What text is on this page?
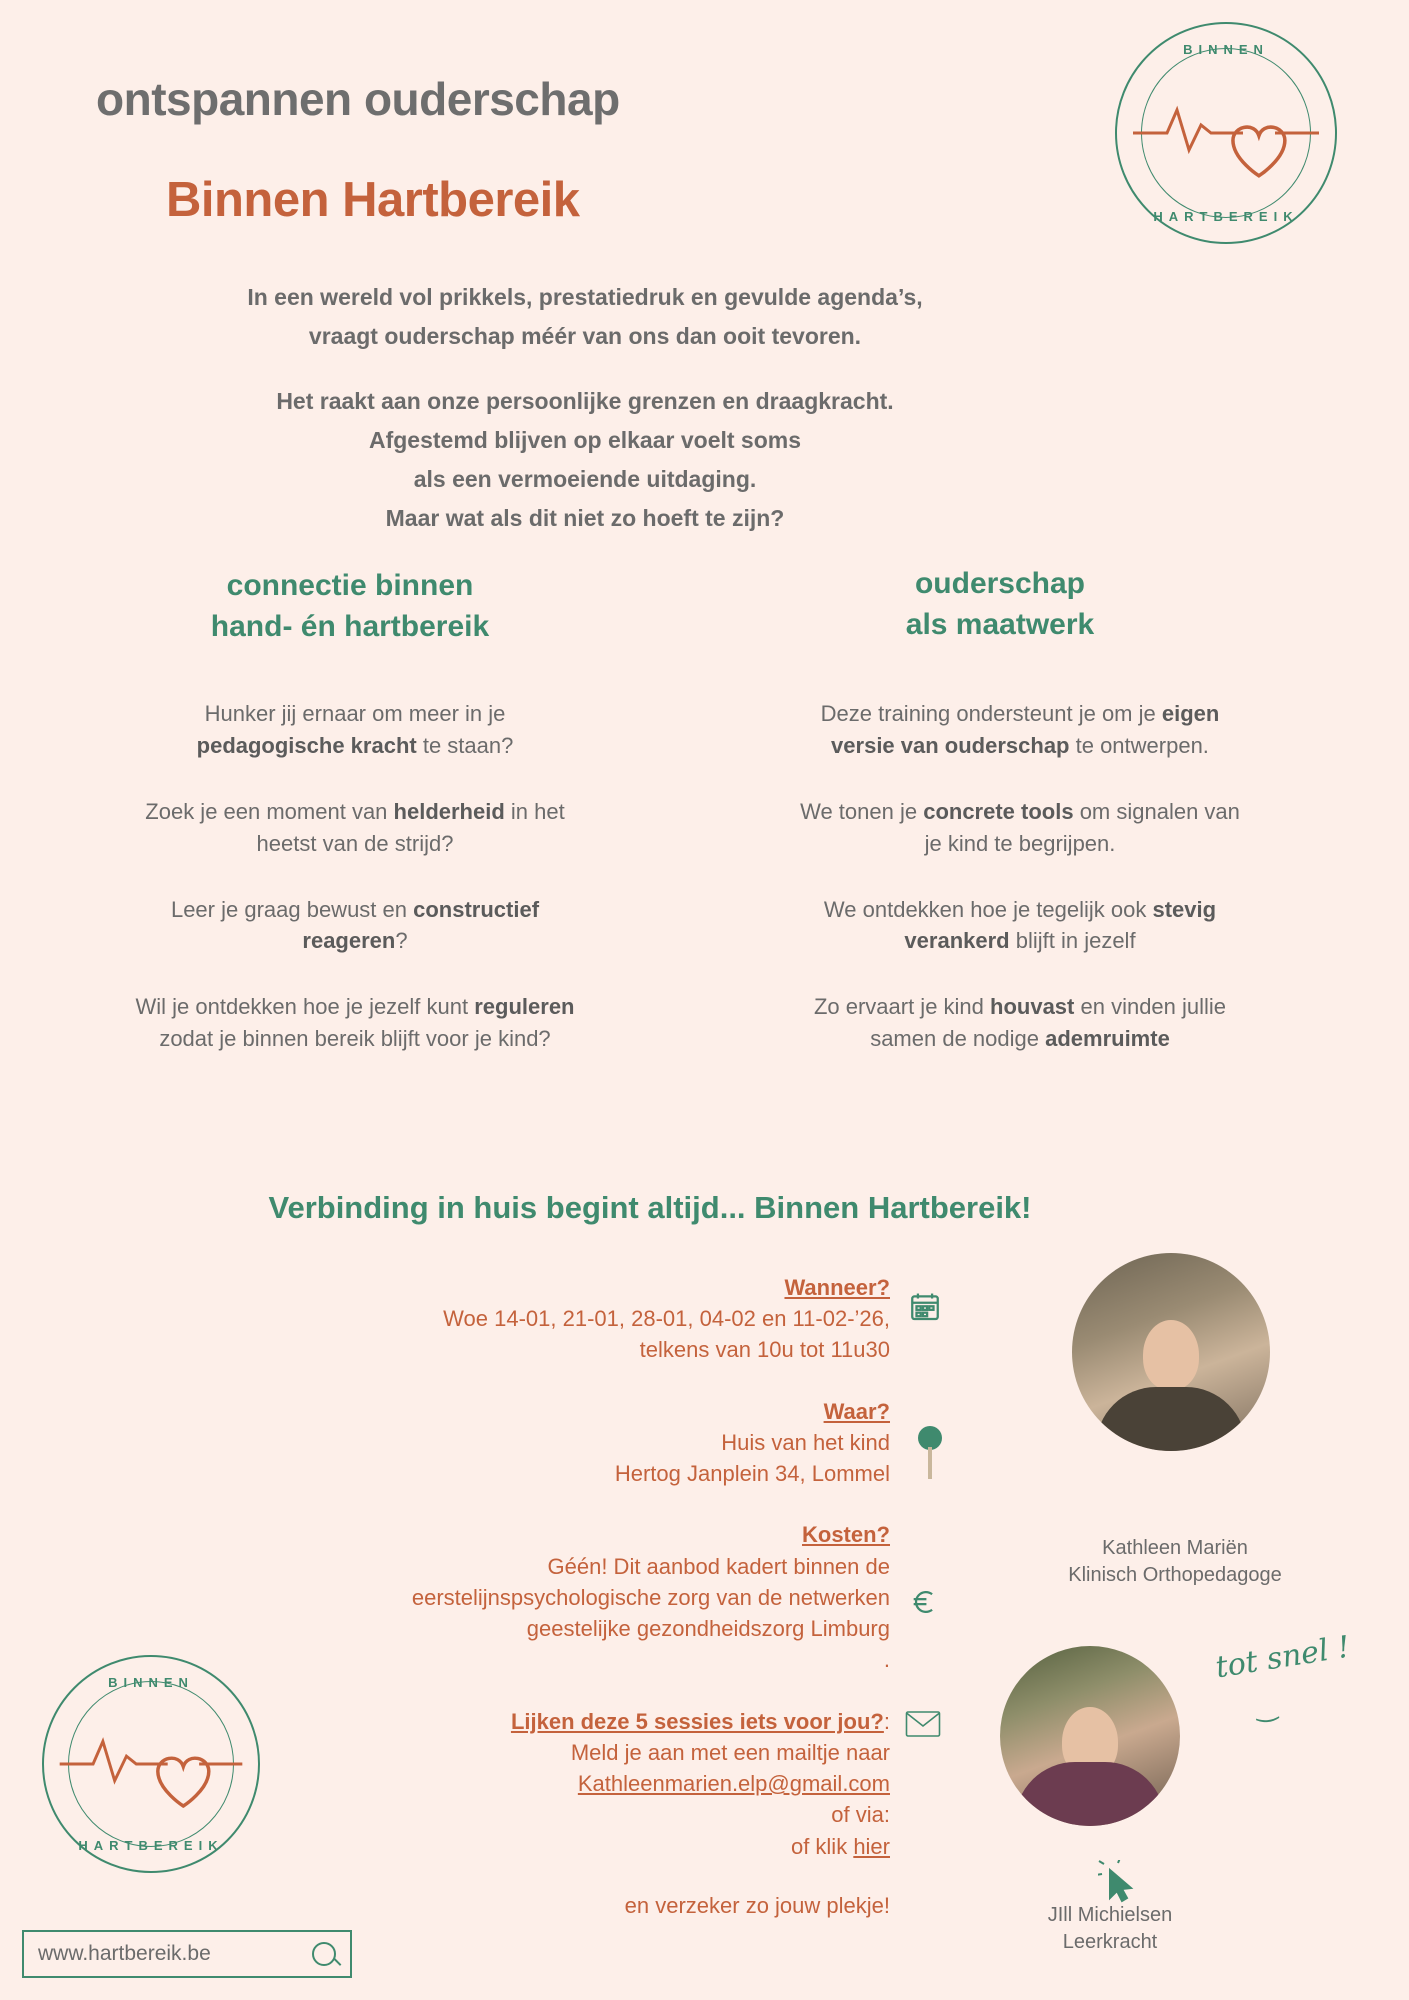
ontspannen ouderschap
Binnen Hartbereik
BINNEN
HARTBEREIK

In een wereld vol prikkels, prestatiedruk en gevulde agenda’s,

vraagt ouderschap méér van ons dan ooit tevoren.

Het raakt aan onze persoonlijke grenzen en draagkracht.

Afgestemd blijven op elkaar voelt soms

als een vermoeiende uitdaging.

Maar wat als dit niet zo hoeft te zijn?

connectie binnen
hand- én hartbereik

Hunker jij ernaar om meer in je pedagogische kracht te staan?

Zoek je een moment van helderheid in het heetst van de strijd?

Leer je graag bewust en constructief reageren?

Wil je ontdekken hoe je jezelf kunt reguleren zodat je binnen bereik blijft voor je kind?

ouderschap
als maatwerk

Deze training ondersteunt je om je eigen versie van ouderschap te ontwerpen.

We tonen je concrete tools om signalen van je kind te begrijpen.

We ontdekken hoe je tegelijk ook stevig verankerd blijft in jezelf

Zo ervaart je kind houvast en vinden jullie samen de nodige ademruimte

Verbinding in huis begint altijd... Binnen Hartbereik!
Wanneer?
Woe 14-01, 21-01, 28-01, 04-02 en 11-02-’26,
telkens van 10u tot 11u30
Waar?
Huis van het kind
Hertog Janplein 34, Lommel
Kosten?
Géén! Dit aanbod kadert binnen de
eerstelijnspsychologische zorg van de netwerken
geestelijke gezondheidszorg Limburg
.
Lijken deze 5 sessies iets voor jou?:
Meld je aan met een mailtje naar
Kathleenmarien.elp@gmail.com
of via:
of klik hier
en verzeker zo jouw plekje!
Kathleen Mariën
Klinisch Orthopedagoge
JIll Michielsen
Leerkracht
tot snel !
‿
BINNEN
HARTBEREIK
www.hartbereik.be
